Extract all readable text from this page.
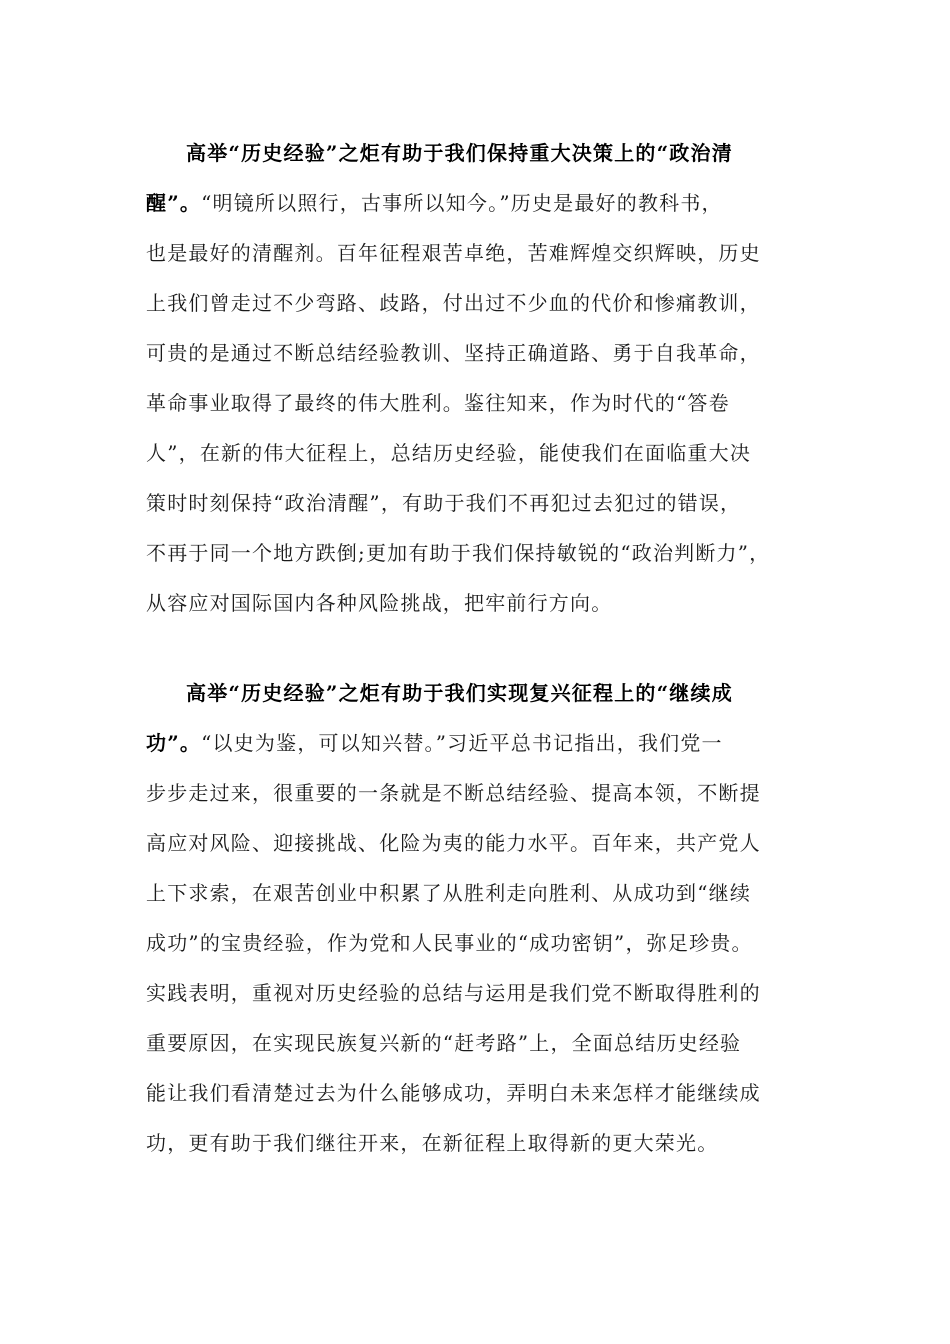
高举“历史经验”之炬有助于我们保持重大决策上的“政治清
醒”。“明镜所以照行，古事所以知今。”历史是最好的教科书，
也是最好的清醒剂。百年征程艰苦卓绝，苦难辉煌交织辉映，历史
上我们曾走过不少弯路、歧路，付出过不少血的代价和惨痛教训，
可贵的是通过不断总结经验教训、坚持正确道路、勇于自我革命，
革命事业取得了最终的伟大胜利。鉴往知来，作为时代的“答卷
人”，在新的伟大征程上，总结历史经验，能使我们在面临重大决
策时时刻保持“政治清醒”，有助于我们不再犯过去犯过的错误，
不再于同一个地方跌倒;更加有助于我们保持敏锐的“政治判断力”，
从容应对国际国内各种风险挑战，把牢前行方向。
高举“历史经验”之炬有助于我们实现复兴征程上的“继续成
功”。“以史为鉴，可以知兴替。”习近平总书记指出，我们党一
步步走过来，很重要的一条就是不断总结经验、提高本领，不断提
高应对风险、迎接挑战、化险为夷的能力水平。百年来，共产党人
上下求索，在艰苦创业中积累了从胜利走向胜利、从成功到“继续
成功”的宝贵经验，作为党和人民事业的“成功密钥”，弥足珍贵。
实践表明，重视对历史经验的总结与运用是我们党不断取得胜利的
重要原因，在实现民族复兴新的“赶考路”上，全面总结历史经验
能让我们看清楚过去为什么能够成功，弄明白未来怎样才能继续成
功，更有助于我们继往开来，在新征程上取得新的更大荣光。
